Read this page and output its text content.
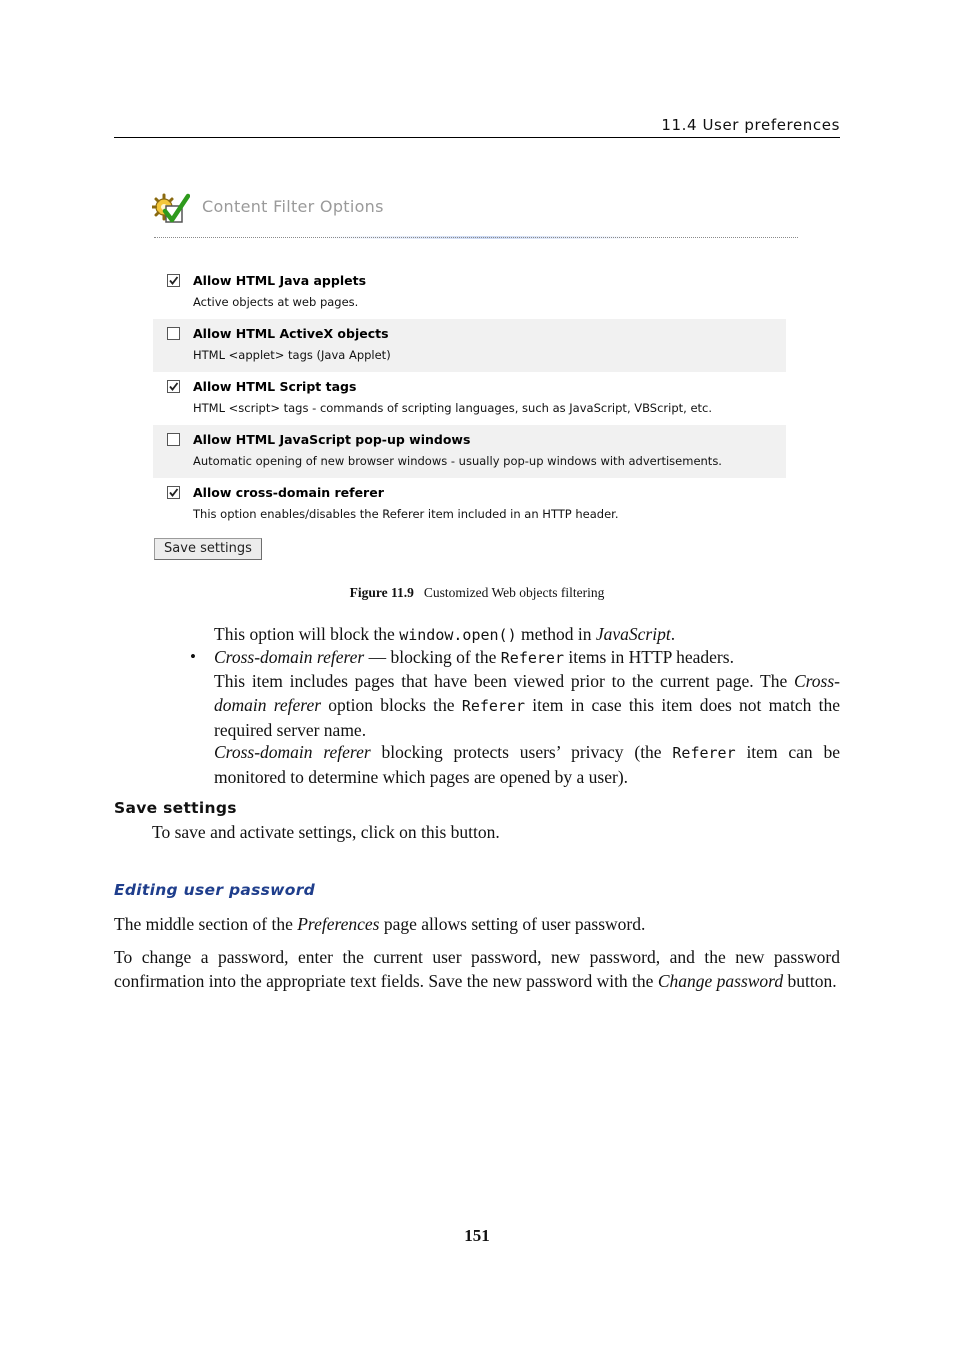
11.4 User preferences
Content Filter Options
Allow HTML Java applets
Active objects at web pages.
Allow HTML ActiveX objects
HTML <applet> tags (Java Applet)
Allow HTML Script tags
HTML <script> tags - commands of scripting languages, such as JavaScript, VBScript, etc.
Allow HTML JavaScript pop-up windows
Automatic opening of new browser windows - usually pop-up windows with advertisements.
Allow cross-domain referer
This option enables/disables the Referer item included in an HTTP header.
Save settings
Figure 11.9 Customized Web objects filtering
This option will block the window.open() method in JavaScript.
• Cross-domain referer — blocking of the Referer items in HTTP headers.
This item includes pages that have been viewed prior to the current page. The Cross-domain referer option blocks the Referer item in case this item does not match the required server name.
Cross-domain referer blocking protects users’ privacy (the Referer item can be monitored to determine which pages are opened by a user).
Save settings
To save and activate settings, click on this button.
Editing user password
The middle section of the Preferences page allows setting of user password.
To change a password, enter the current user password, new password, and the new password confirmation into the appropriate text fields. Save the new password with the Change password button.
151
